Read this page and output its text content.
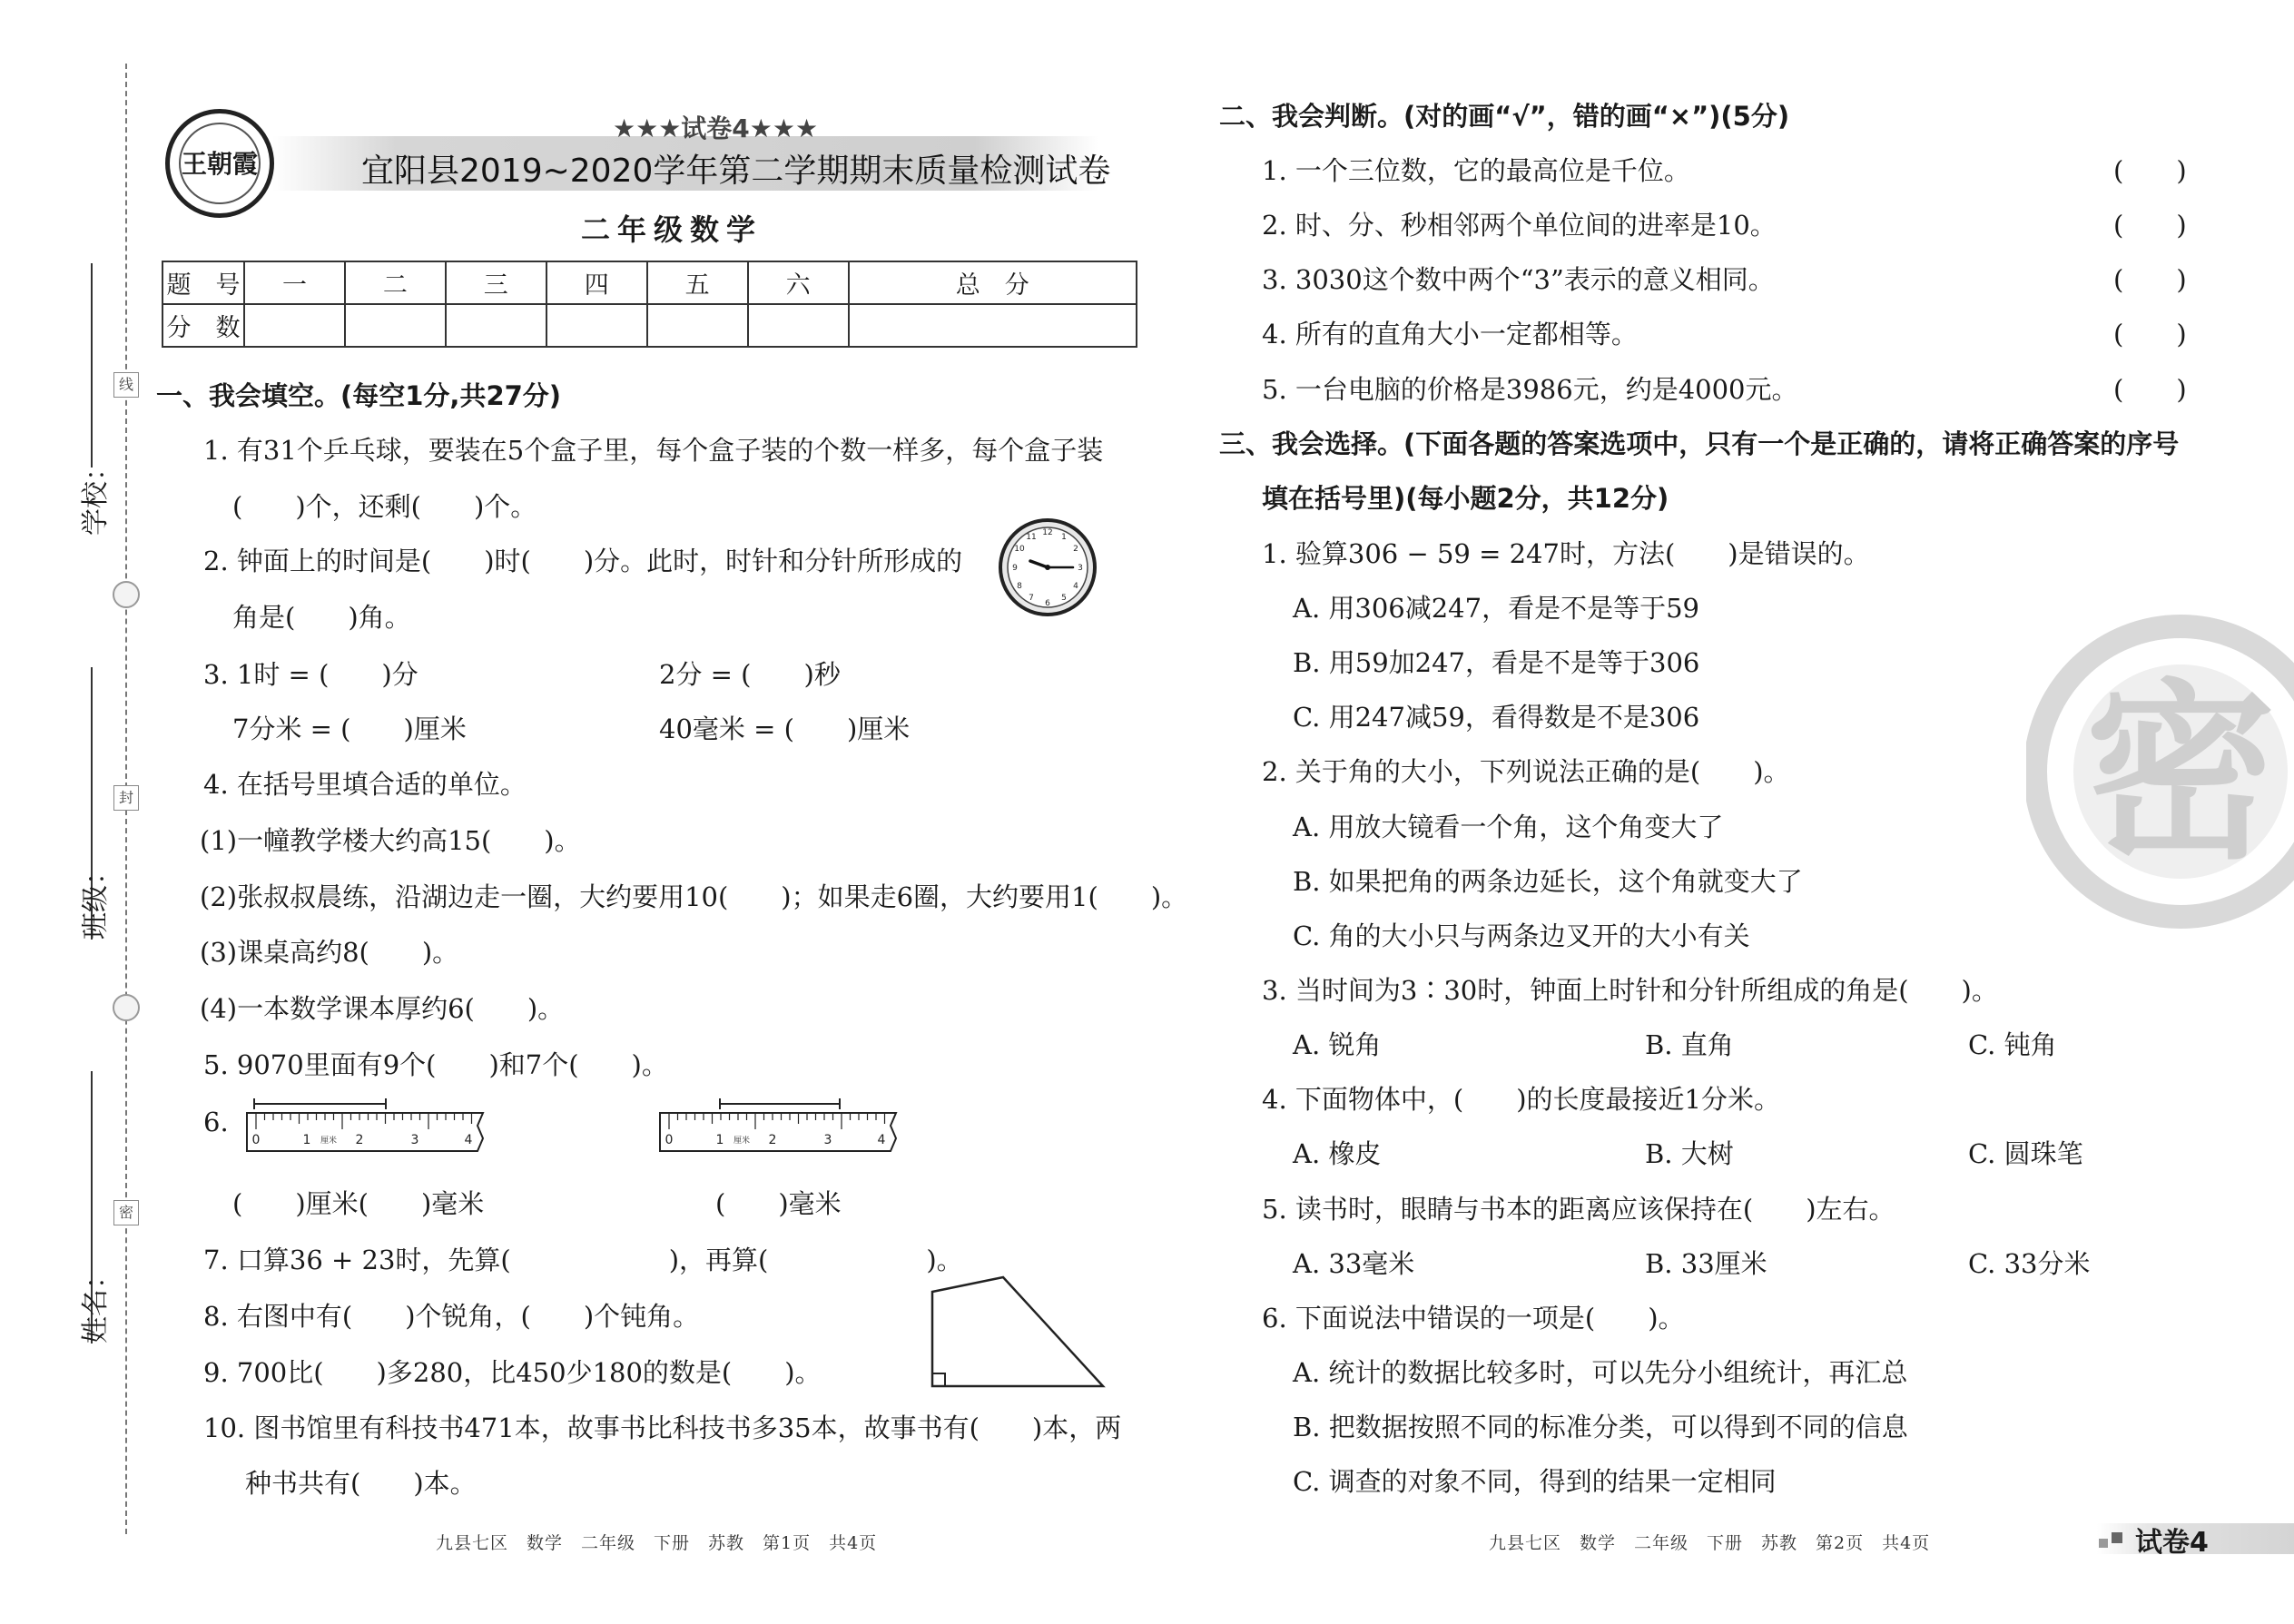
学校：
班级：
姓名：
线
封
密
王朝霞
★★★试卷4★★★
宜阳县2019~2020学年第二学期期末质量检测试卷
二年级数学
题　号	一	二	三	四	五	六	总　分
分　数							
一、我会填空。(每空1分,共27分)
1. 有31个乒乓球，要装在5个盒子里，每个盒子装的个数一样多，每个盒子装
(　　)个，还剩(　　)个。
2. 钟面上的时间是(　　)时(　　)分。此时，时针和分针所形成的
角是(　　)角。
12 1
2
3
4
5
6
7
8
9
10
11
3. 1时 = (　　)分	2分 = (　　)秒
7分米 = (　　)厘米	40毫米 = (　　)厘米
4. 在括号里填合适的单位。
(1)一幢教学楼大约高15(　　)。
(2)张叔叔晨练，沿湖边走一圈，大约要用10(　　)；如果走6圈，大约要用1(　　)。
(3)课桌高约8(　　)。
(4)一本数学课本厚约6(　　)。
5. 9070里面有9个(　　)和7个(　　)。
6.
0	1 厘米 2	3	4	0	1 厘米 2	3	4
(　　)厘米(　　)毫米	(　　)毫米
7. 口算36 + 23时，先算(　　　　　　)，再算(　　　　　　)。
8. 右图中有(　　)个锐角，(　　)个钝角。
9. 700比(　　)多280，比450少180的数是(　　)。
10. 图书馆里有科技书471本，故事书比科技书多35本，故事书有(　　)本，两
种书共有(　　)本。
九县七区　数学　二年级　下册　苏教　第1页　共4页
密
二、我会判断。(对的画“√”，错的画“×”)(5分)
1. 一个三位数，它的最高位是千位。
2. 时、分、秒相邻两个单位间的进率是10。
3. 3030这个数中两个“3”表示的意义相同。
4. 所有的直角大小一定都相等。
5. 一台电脑的价格是3986元，约是4000元。
(　　)
(　　)
(　　)
(　　)
(　　)
三、我会选择。(下面各题的答案选项中，只有一个是正确的，请将正确答案的序号
填在括号里)(每小题2分，共12分)
1. 验算306 − 59 = 247时，方法(　　)是错误的。
A. 用306减247，看是不是等于59
B. 用59加247，看是不是等于306
C. 用247减59，看得数是不是306
2. 关于角的大小，下列说法正确的是(　　)。
A. 用放大镜看一个角，这个角变大了
B. 如果把角的两条边延长，这个角就变大了
C. 角的大小只与两条边叉开的大小有关
3. 当时间为3∶30时，钟面上时针和分针所组成的角是(　　)。
A. 锐角	B. 直角	C. 钝角
4. 下面物体中，(　　)的长度最接近1分米。
A. 橡皮	B. 大树	C. 圆珠笔
5. 读书时，眼睛与书本的距离应该保持在(　　)左右。
A. 33毫米	B. 33厘米	C. 33分米
6. 下面说法中错误的一项是(　　)。
A. 统计的数据比较多时，可以先分小组统计，再汇总
B. 把数据按照不同的标准分类，可以得到不同的信息
C. 调查的对象不同，得到的结果一定相同
九县七区　数学　二年级　下册　苏教　第2页　共4页	试卷4
